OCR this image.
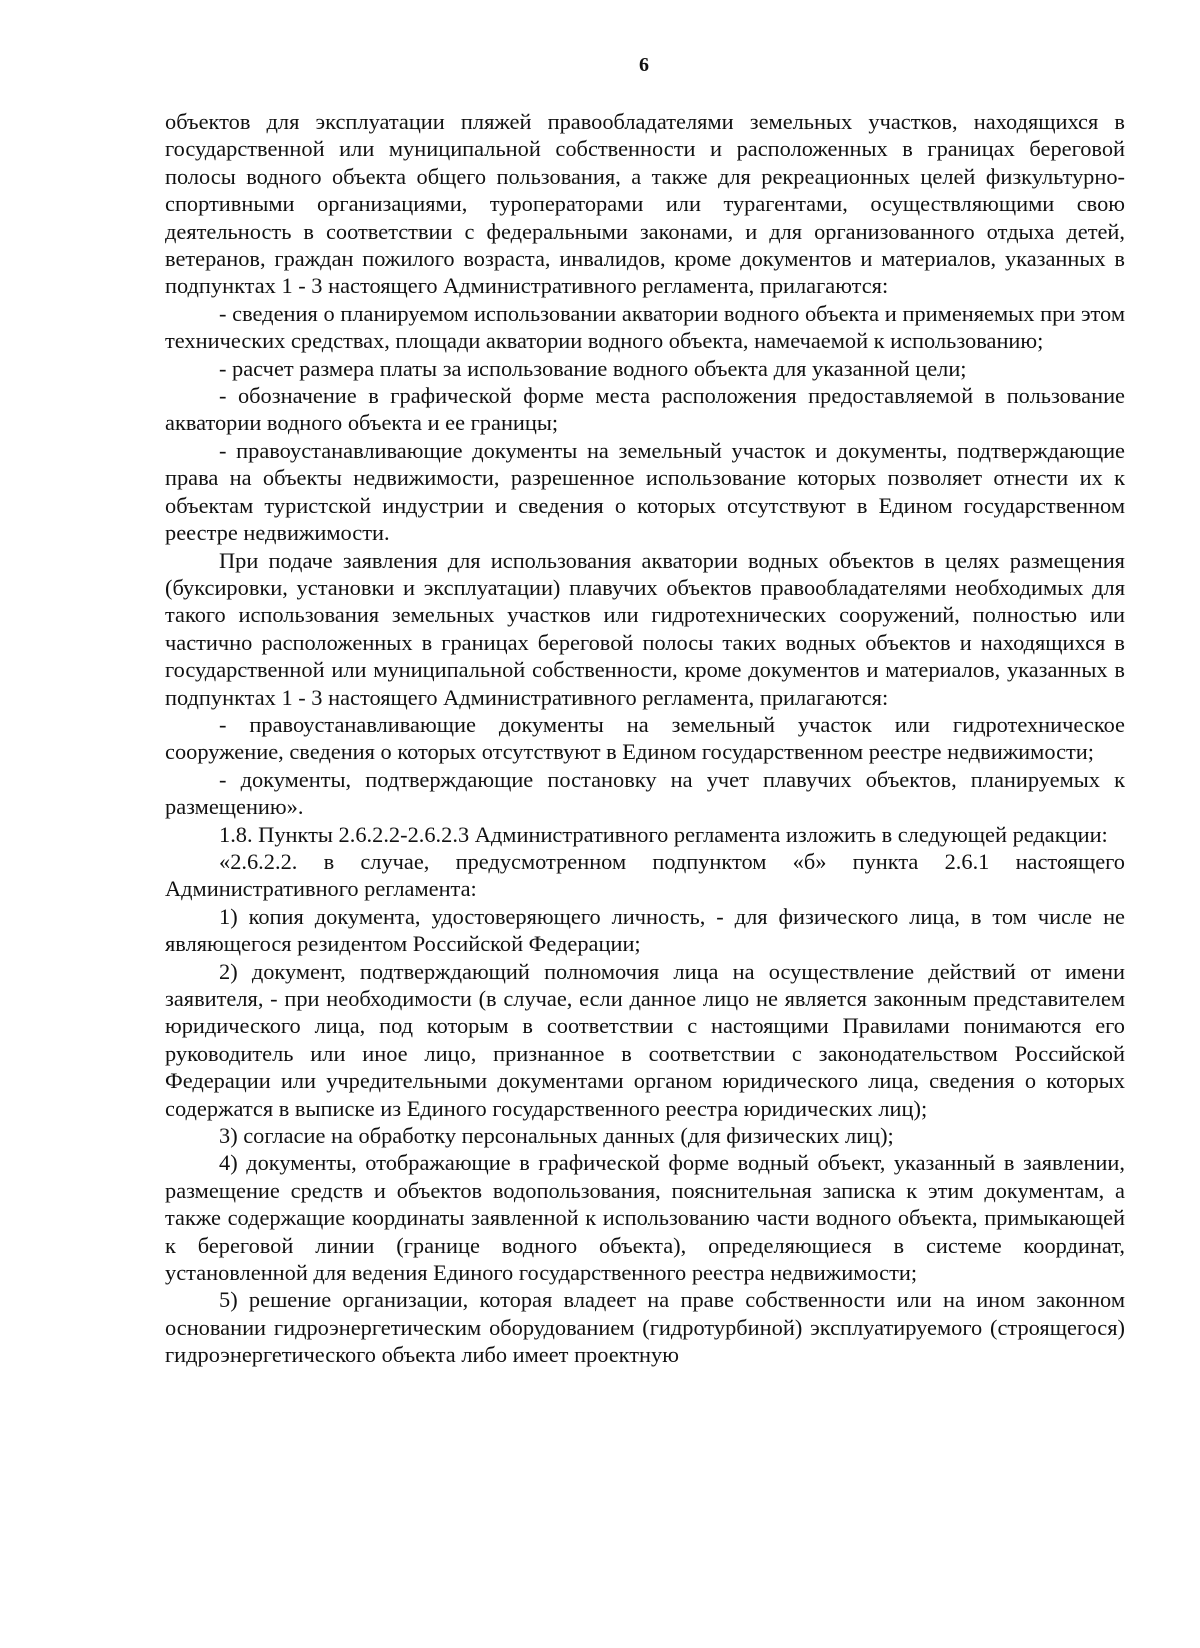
6

объектов для эксплуатации пляжей правообладателями земельных участков, находящихся в государственной или муниципальной собственности и расположенных в границах береговой полосы водного объекта общего пользования, а также для рекреационных целей физкультурно-спортивными организациями, туроператорами или турагентами, осуществляющими свою деятельность в соответствии с федеральными законами, и для организованного отдыха детей, ветеранов, граждан пожилого возраста, инвалидов, кроме документов и материалов, указанных в подпунктах 1 - 3 настоящего Административного регламента, прилагаются:

- сведения о планируемом использовании акватории водного объекта и применяемых при этом технических средствах, площади акватории водного объекта, намечаемой к использованию;

- расчет размера платы за использование водного объекта для указанной цели;

- обозначение в графической форме места расположения предоставляемой в пользование акватории водного объекта и ее границы;

- правоустанавливающие документы на земельный участок и документы, подтверждающие права на объекты недвижимости, разрешенное использование которых позволяет отнести их к объектам туристской индустрии и сведения о которых отсутствуют в Едином государственном реестре недвижимости.

При подаче заявления для использования акватории водных объектов в целях размещения (буксировки, установки и эксплуатации) плавучих объектов правообладателями необходимых для такого использования земельных участков или гидротехнических сооружений, полностью или частично расположенных в границах береговой полосы таких водных объектов и находящихся в государственной или муниципальной собственности, кроме документов и материалов, указанных в подпунктах 1 - 3 настоящего Административного регламента, прилагаются:

- правоустанавливающие документы на земельный участок или гидротехническое сооружение, сведения о которых отсутствуют в Едином государственном реестре недвижимости;

- документы, подтверждающие постановку на учет плавучих объектов, планируемых к размещению».

1.8. Пункты 2.6.2.2-2.6.2.3 Административного регламента изложить в следующей редакции:

«2.6.2.2. в случае, предусмотренном подпунктом «б» пункта 2.6.1 настоящего Административного регламента:

1) копия документа, удостоверяющего личность, - для физического лица, в том числе не являющегося резидентом Российской Федерации;

2) документ, подтверждающий полномочия лица на осуществление действий от имени заявителя, - при необходимости (в случае, если данное лицо не является законным представителем юридического лица, под которым в соответствии с настоящими Правилами понимаются его руководитель или иное лицо, признанное в соответствии с законодательством Российской Федерации или учредительными документами органом юридического лица, сведения о которых содержатся в выписке из Единого государственного реестра юридических лиц);

3) согласие на обработку персональных данных (для физических лиц);

4) документы, отображающие в графической форме водный объект, указанный в заявлении, размещение средств и объектов водопользования, пояснительная записка к этим документам, а также содержащие координаты заявленной к использованию части водного объекта, примыкающей к береговой линии (границе водного объекта), определяющиеся в системе координат, установленной для ведения Единого государственного реестра недвижимости;

5) решение организации, которая владеет на праве собственности или на ином законном основании гидроэнергетическим оборудованием (гидротурбиной) эксплуатируемого (строящегося) гидроэнергетического объекта либо имеет проектную
